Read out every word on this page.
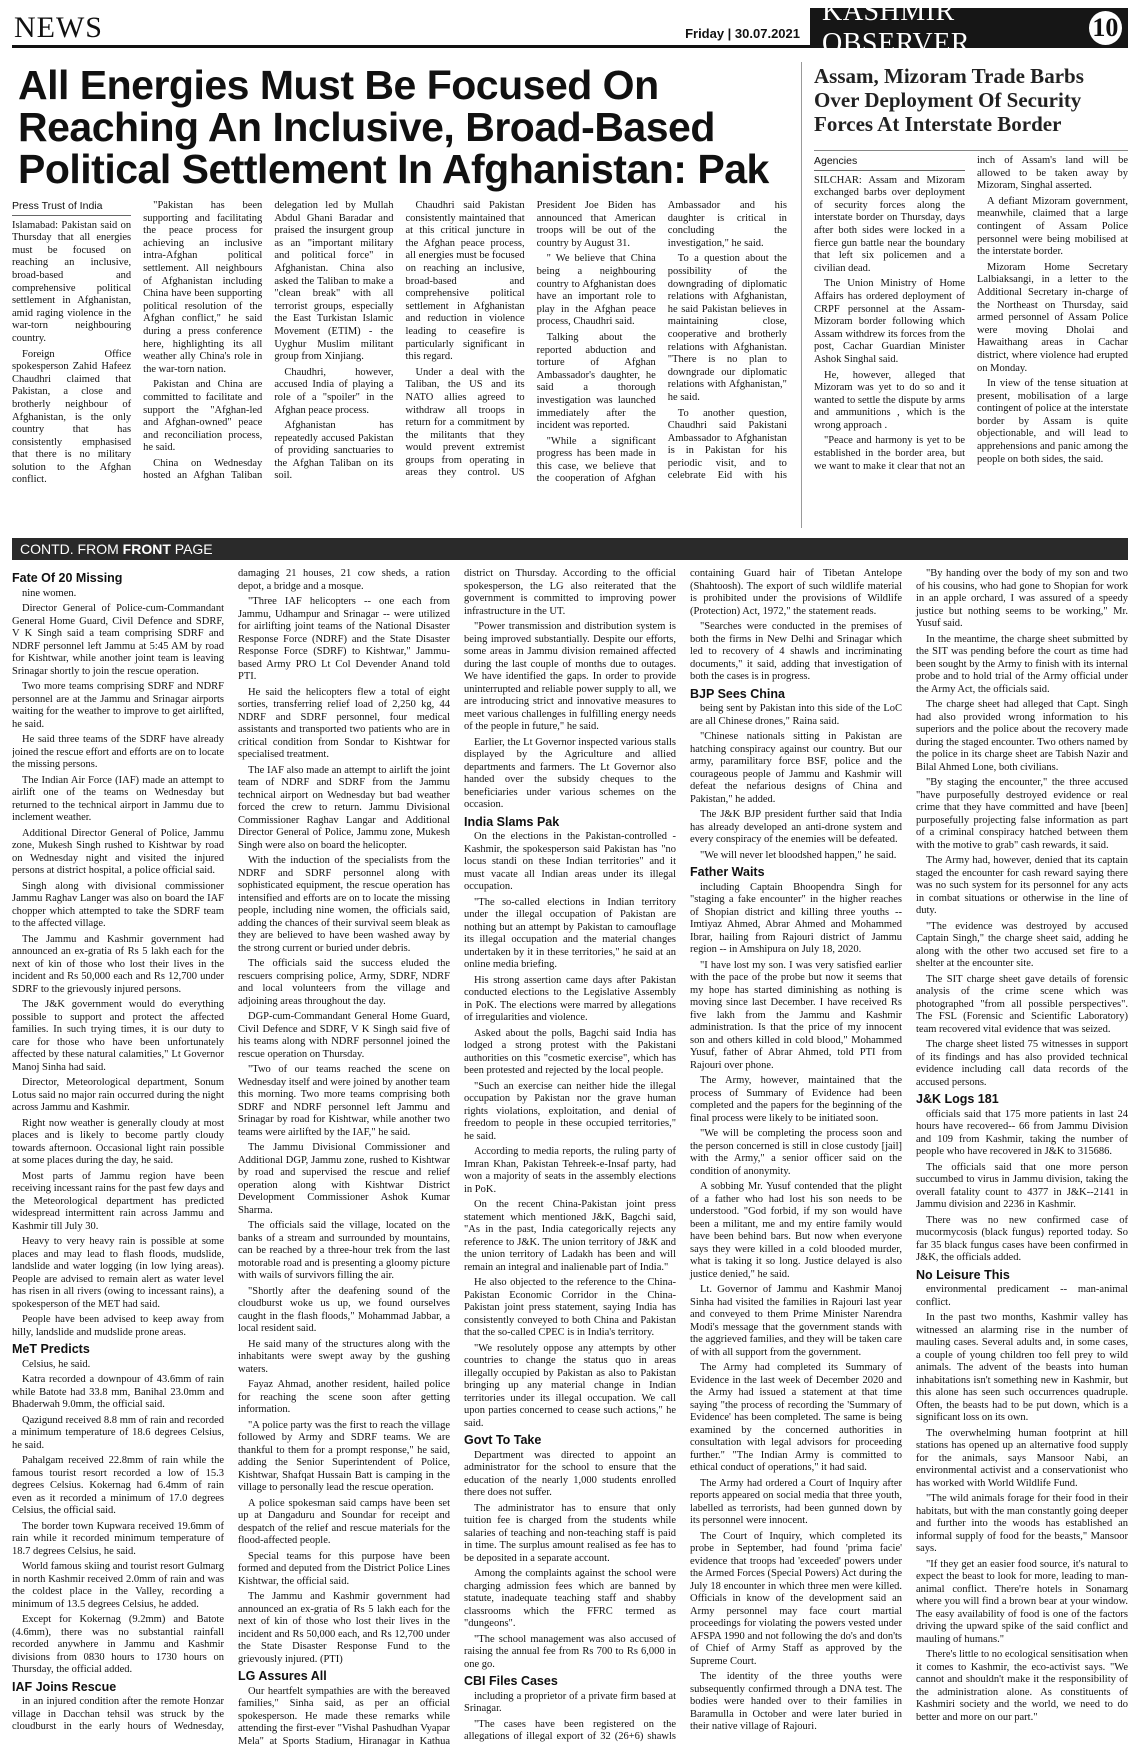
NEWS	Friday | 30.07.2021
KASHMIR OBSERVER
10
All Energies Must Be Focused On Reaching An Inclusive, Broad-Based Political Settlement In Afghanistan: Pak
Press Trust of India

Islamabad: Pakistan said on Thursday that all energies must be focused on reaching an inclusive, broad-based and comprehensive political settlement in Afghanistan, amid raging violence in the war-torn neighbouring country.

Foreign Office spokesperson Zahid Hafeez Chaudhri claimed that Pakistan, a close and brotherly neighbour of Afghanistan, is the only country that has consistently emphasised that there is no military solution to the Afghan conflict.

"Pakistan has been supporting and facilitating the peace process for achieving an inclusive intra-Afghan political settlement. All neighbours of Afghanistan including China have been supporting political resolution of the Afghan conflict," he said during a press conference here, highlighting its all weather ally China's role in the war-torn nation.

Pakistan and China are committed to facilitate and support the "Afghan-led and Afghan-owned" peace and reconciliation process, he said.

China on Wednesday hosted an Afghan Taliban delegation led by Mullah Abdul Ghani Baradar and praised the insurgent group as an "important military and political force" in Afghanistan. China also asked the Taliban to make a "clean break" with all terrorist groups, especially the East Turkistan Islamic Movement (ETIM) - the Uyghur Muslim militant group from Xinjiang.

Chaudhri, however, accused India of playing a role of a "spoiler" in the Afghan peace process.

Afghanistan has repeatedly accused Pakistan of providing sanctuaries to the Afghan Taliban on its soil.

Chaudhri said Pakistan consistently maintained that at this critical juncture in the Afghan peace process, all energies must be focused on reaching an inclusive, broad-based and comprehensive political settlement in Afghanistan and reduction in violence leading to ceasefire is particularly significant in this regard.

Under a deal with the Taliban, the US and its NATO allies agreed to withdraw all troops in return for a commitment by the militants that they would prevent extremist groups from operating in areas they control. US President Joe Biden has announced that American troops will be out of the country by August 31.

" We believe that China being a neighbouring country to Afghanistan does have an important role to play in the Afghan peace process, Chaudhri said.

Talking about the reported abduction and torture of Afghan Ambassador's daughter, he said a thorough investigation was launched immediately after the incident was reported.

"While a significant progress has been made in this case, we believe that the cooperation of Afghan Ambassador and his daughter is critical in concluding the investigation," he said.

To a question about the possibility of the downgrading of diplomatic relations with Afghanistan, he said Pakistan believes in maintaining close, cooperative and brotherly relations with Afghanistan. "There is no plan to downgrade our diplomatic relations with Afghanistan," he said.

To another question, Chaudhri said Pakistani Ambassador to Afghanistan is in Pakistan for his periodic visit, and to celebrate Eid with his

Assam, Mizoram Trade Barbs Over Deployment Of Security Forces At Interstate Border
Agencies

SILCHAR: Assam and Mizoram exchanged barbs over deployment of security forces along the interstate border on Thursday, days after both sides were locked in a fierce gun battle near the boundary that left six policemen and a civilian dead.

The Union Ministry of Home Affairs has ordered deployment of CRPF personnel at the Assam-Mizoram border following which Assam withdrew its forces from the post, Cachar Guardian Minister Ashok Singhal said.

He, however, alleged that Mizoram was yet to do so and it wanted to settle the dispute by arms and ammunitions , which is the wrong approach .

"Peace and harmony is yet to be established in the border area, but we want to make it clear that not an inch of Assam's land will be allowed to be taken away by Mizoram, Singhal asserted.

A defiant Mizoram government, meanwhile, claimed that a large contingent of Assam Police personnel were being mobilised at the interstate border.

Mizoram Home Secretary Lalbiaksangi, in a letter to the Additional Secretary in-charge of the Northeast on Thursday, said armed personnel of Assam Police were moving Dholai and Hawaithang areas in Cachar district, where violence had erupted on Monday.

In view of the tense situation at present, mobilisation of a large contingent of police at the interstate border by Assam is quite objectionable, and will lead to apprehensions and panic among the people on both sides, the said.

CONTD. FROM FRONT PAGE
Fate Of 20 Missing

nine women.

Director General of Police-cum-Commandant General Home Guard, Civil Defence and SDRF, V K Singh said a team comprising SDRF and NDRF personnel left Jammu at 5:45 AM by road for Kishtwar, while another joint team is leaving Srinagar shortly to join the rescue operation.

Two more teams comprising SDRF and NDRF personnel are at the Jammu and Srinagar airports waiting for the weather to improve to get airlifted, he said.

He said three teams of the SDRF have already joined the rescue effort and efforts are on to locate the missing persons.

The Indian Air Force (IAF) made an attempt to airlift one of the teams on Wednesday but returned to the technical airport in Jammu due to inclement weather.

Additional Director General of Police, Jammu zone, Mukesh Singh rushed to Kishtwar by road on Wednesday night and visited the injured persons at district hospital, a police official said.

Singh along with divisional commissioner Jammu Raghav Langer was also on board the IAF chopper which attempted to take the SDRF team to the affected village.

The Jammu and Kashmir government had announced an ex-gratia of Rs 5 lakh each for the next of kin of those who lost their lives in the incident and Rs 50,000 each and Rs 12,700 under SDRF to the grievously injured persons.

The J&K government would do everything possible to support and protect the affected families. In such trying times, it is our duty to care for those who have been unfortunately affected by these natural calamities," Lt Governor Manoj Sinha had said.

Director, Meteorological department, Sonum Lotus said no major rain occurred during the night across Jammu and Kashmir.

Right now weather is generally cloudy at most places and is likely to become partly cloudy towards afternoon. Occasional light rain possible at some places during the day, he said.

Most parts of Jammu region have been receiving incessant rains for the past few days and the Meteorological department has predicted widespread intermittent rain across Jammu and Kashmir till July 30.

Heavy to very heavy rain is possible at some places and may lead to flash floods, mudslide, landslide and water logging (in low lying areas). People are advised to remain alert as water level has risen in all rivers (owing to incessant rains), a spokesperson of the MET had said.

People have been advised to keep away from hilly, landslide and mudslide prone areas.

MeT Predicts

Celsius, he said.

Katra recorded a downpour of 43.6mm of rain while Batote had 33.8 mm, Banihal 23.0mm and Bhaderwah 9.0mm, the official said.

Qazigund received 8.8 mm of rain and recorded a minimum temperature of 18.6 degrees Celsius, he said.

Pahalgam received 22.8mm of rain while the famous tourist resort recorded a low of 15.3 degrees Celsius. Kokernag had 6.4mm of rain even as it recorded a minimum of 17.0 degrees Celsius, the official said.

The border town Kupwara received 19.6mm of rain while it recorded minimum temperature of 18.7 degrees Celsius, he said.

World famous skiing and tourist resort Gulmarg in north Kashmir received 2.0mm of rain and was the coldest place in the Valley, recording a minimum of 13.5 degrees Celsius, he added.

Except for Kokernag (9.2mm) and Batote (4.6mm), there was no substantial rainfall recorded anywhere in Jammu and Kashmir divisions from 0830 hours to 1730 hours on Thursday, the official added.

IAF Joins Rescue

in an injured condition after the remote Honzar village in Dacchan tehsil was struck by the cloudburst in the early hours of Wednesday, damaging 21 houses, 21 cow sheds, a ration depot, a bridge and a mosque.

"Three IAF helicopters -- one each from Jammu, Udhampur and Srinagar -- were utilized for airlifting joint teams of the National Disaster Response Force (NDRF) and the State Disaster Response Force (SDRF) to Kishtwar," Jammu-based Army PRO Lt Col Devender Anand told PTI.

He said the helicopters flew a total of eight sorties, transferring relief load of 2,250 kg, 44 NDRF and SDRF personnel, four medical assistants and transported two patients who are in critical condition from Sondar to Kishtwar for specialised treatment.

The IAF also made an attempt to airlift the joint team of NDRF and SDRF from the Jammu technical airport on Wednesday but bad weather forced the crew to return. Jammu Divisional Commissioner Raghav Langar and Additional Director General of Police, Jammu zone, Mukesh Singh were also on board the helicopter.

With the induction of the specialists from the NDRF and SDRF personnel along with sophisticated equipment, the rescue operation has intensified and efforts are on to locate the missing people, including nine women, the officials said, adding the chances of their survival seem bleak as they are believed to have been washed away by the strong current or buried under debris.

The officials said the success eluded the rescuers comprising police, Army, SDRF, NDRF and local volunteers from the village and adjoining areas throughout the day.

DGP-cum-Commandant General Home Guard, Civil Defence and SDRF, V K Singh said five of his teams along with NDRF personnel joined the rescue operation on Thursday.

"Two of our teams reached the scene on Wednesday itself and were joined by another team this morning. Two more teams comprising both SDRF and NDRF personnel left Jammu and Srinagar by road for Kishtwar, while another two teams were airlifted by the IAF," he said.

The Jammu Divisional Commissioner and Additional DGP, Jammu zone, rushed to Kishtwar by road and supervised the rescue and relief operation along with Kishtwar District Development Commissioner Ashok Kumar Sharma.

The officials said the village, located on the banks of a stream and surrounded by mountains, can be reached by a three-hour trek from the last motorable road and is presenting a gloomy picture with wails of survivors filling the air.

"Shortly after the deafening sound of the cloudburst woke us up, we found ourselves caught in the flash floods," Mohammad Jabbar, a local resident said.

He said many of the structures along with the inhabitants were swept away by the gushing waters.

Fayaz Ahmad, another resident, hailed police for reaching the scene soon after getting information.

"A police party was the first to reach the village followed by Army and SDRF teams. We are thankful to them for a prompt response," he said, adding the Senior Superintendent of Police, Kishtwar, Shafqat Hussain Batt is camping in the village to personally lead the rescue operation.

A police spokesman said camps have been set up at Dangaduru and Soundar for receipt and despatch of the relief and rescue materials for the flood-affected people.

Special teams for this purpose have been formed and deputed from the District Police Lines Kishtwar, the official said.

The Jammu and Kashmir government had announced an ex-gratia of Rs 5 lakh each for the next of kin of those who lost their lives in the incident and Rs 50,000 each, and Rs 12,700 under the State Disaster Response Fund to the grievously injured. (PTI)

LG Assures All

Our heartfelt sympathies are with the bereaved families," Sinha said, as per an official spokesperson. He made these remarks while attending the first-ever "Vishal Pashudhan Vyapar Mela" at Sports Stadium, Hiranagar in Kathua district on Thursday. According to the official spokesperson, the LG also reiterated that the government is committed to improving power infrastructure in the UT.

"Power transmission and distribution system is being improved substantially. Despite our efforts, some areas in Jammu division remained affected during the last couple of months due to outages. We have identified the gaps. In order to provide uninterrupted and reliable power supply to all, we are introducing strict and innovative measures to meet various challenges in fulfilling energy needs of the people in future," he said.

Earlier, the Lt Governor inspected various stalls displayed by the Agriculture and allied departments and farmers. The Lt Governor also handed over the subsidy cheques to the beneficiaries under various schemes on the occasion.

India Slams Pak

On the elections in the Pakistan-controlled -Kashmir, the spokesperson said Pakistan has "no locus standi on these Indian territories" and it must vacate all Indian areas under its illegal occupation.

"The so-called elections in Indian territory under the illegal occupation of Pakistan are nothing but an attempt by Pakistan to camouflage its illegal occupation and the material changes undertaken by it in these territories," he said at an online media briefing.

His strong assertion came days after Pakistan conducted elections to the Legislative Assembly in PoK. The elections were marred by allegations of irregularities and violence.

Asked about the polls, Bagchi said India has lodged a strong protest with the Pakistani authorities on this "cosmetic exercise", which has been protested and rejected by the local people.

"Such an exercise can neither hide the illegal occupation by Pakistan nor the grave human rights violations, exploitation, and denial of freedom to people in these occupied territories," he said.

According to media reports, the ruling party of Imran Khan, Pakistan Tehreek-e-Insaf party, had won a majority of seats in the assembly elections in PoK.

On the recent China-Pakistan joint press statement which mentioned J&K, Bagchi said, "As in the past, India categorically rejects any reference to J&K. The union territory of J&K and the union territory of Ladakh has been and will remain an integral and inalienable part of India."

He also objected to the reference to the China-Pakistan Economic Corridor in the China-Pakistan joint press statement, saying India has consistently conveyed to both China and Pakistan that the so-called CPEC is in India's territory.

"We resolutely oppose any attempts by other countries to change the status quo in areas illegally occupied by Pakistan as also to Pakistan bringing up any material change in Indian territories under its illegal occupation. We call upon parties concerned to cease such actions," he said.

Govt To Take

Department was directed to appoint an administrator for the school to ensure that the education of the nearly 1,000 students enrolled there does not suffer.

The administrator has to ensure that only tuition fee is charged from the students while salaries of teaching and non-teaching staff is paid in time. The surplus amount realised as fee has to be deposited in a separate account.

Among the complaints against the school were charging admission fees which are banned by statute, inadequate teaching staff and shabby classrooms which the FFRC termed as "dungeons".

"The school management was also accused of raising the annual fee from Rs 700 to Rs 6,000 in one go.

CBI Files Cases

including a proprietor of a private firm based at Srinagar.

"The cases have been registered on the allegations of illegal export of 32 (26+6) shawls containing Guard hair of Tibetan Antelope (Shahtoosh). The export of such wildlife material is prohibited under the provisions of Wildlife (Protection) Act, 1972," the statement reads.

"Searches were conducted in the premises of both the firms in New Delhi and Srinagar which led to recovery of 4 shawls and incriminating documents," it said, adding that investigation of both the cases is in progress.

BJP Sees China

being sent by Pakistan into this side of the LoC are all Chinese drones," Raina said.

"Chinese nationals sitting in Pakistan are hatching conspiracy against our country. But our army, paramilitary force BSF, police and the courageous people of Jammu and Kashmir will defeat the nefarious designs of China and Pakistan," he added.

The J&K BJP president further said that India has already developed an anti-drone system and every conspiracy of the enemies will be defeated.

"We will never let bloodshed happen," he said.

Father Waits

including Captain Bhoopendra Singh for "staging a fake encounter" in the higher reaches of Shopian district and killing three youths -- Imtiyaz Ahmed, Abrar Ahmed and Mohammed Ibrar, hailing from Rajouri district of Jammu region -- in Amshipura on July 18, 2020.

"I have lost my son. I was very satisfied earlier with the pace of the probe but now it seems that my hope has started diminishing as nothing is moving since last December. I have received Rs five lakh from the Jammu and Kashmir administration. Is that the price of my innocent son and others killed in cold blood," Mohammed Yusuf, father of Abrar Ahmed, told PTI from Rajouri over phone.

The Army, however, maintained that the process of Summary of Evidence had been completed and the papers for the beginning of the final process were likely to be initiated soon.

"We will be completing the process soon and the person concerned is still in close custody [jail] with the Army," a senior officer said on the condition of anonymity.

A sobbing Mr. Yusuf contended that the plight of a father who had lost his son needs to be understood. "God forbid, if my son would have been a militant, me and my entire family would have been behind bars. But now when everyone says they were killed in a cold blooded murder, what is taking it so long. Justice delayed is also justice denied," he said.

Lt. Governor of Jammu and Kashmir Manoj Sinha had visited the families in Rajouri last year and conveyed to them Prime Minister Narendra Modi's message that the government stands with the aggrieved families, and they will be taken care of with all support from the government.

The Army had completed its Summary of Evidence in the last week of December 2020 and the Army had issued a statement at that time saying "the process of recording the 'Summary of Evidence' has been completed. The same is being examined by the concerned authorities in consultation with legal advisors for proceeding further." "The Indian Army is committed to ethical conduct of operations," it had said.

The Army had ordered a Court of Inquiry after reports appeared on social media that three youth, labelled as terrorists, had been gunned down by its personnel were innocent.

The Court of Inquiry, which completed its probe in September, had found 'prima facie' evidence that troops had 'exceeded' powers under the Armed Forces (Special Powers) Act during the July 18 encounter in which three men were killed. Officials in know of the development said an Army personnel may face court martial proceedings for violating the powers vested under AFSPA 1990 and not following the do's and don'ts of Chief of Army Staff as approved by the Supreme Court.

The identity of the three youths were subsequently confirmed through a DNA test. The bodies were handed over to their families in Baramulla in October and were later buried in their native village of Rajouri.

"By handing over the body of my son and two of his cousins, who had gone to Shopian for work in an apple orchard, I was assured of a speedy justice but nothing seems to be working," Mr. Yusuf said.

In the meantime, the charge sheet submitted by the SIT was pending before the court as time had been sought by the Army to finish with its internal probe and to hold trial of the Army official under the Army Act, the officials said.

The charge sheet had alleged that Capt. Singh had also provided wrong information to his superiors and the police about the recovery made during the staged encounter. Two others named by the police in its charge sheet are Tabish Nazir and Bilal Ahmed Lone, both civilians.

"By staging the encounter," the three accused "have purposefully destroyed evidence or real crime that they have committed and have [been] purposefully projecting false information as part of a criminal conspiracy hatched between them with the motive to grab" cash rewards, it said.

The Army had, however, denied that its captain staged the encounter for cash reward saying there was no such system for its personnel for any acts in combat situations or otherwise in the line of duty.

"The evidence was destroyed by accused Captain Singh," the charge sheet said, adding he along with the other two accused set fire to a shelter at the encounter site.

The SIT charge sheet gave details of forensic analysis of the crime scene which was photographed "from all possible perspectives". The FSL (Forensic and Scientific Laboratory) team recovered vital evidence that was seized.

The charge sheet listed 75 witnesses in support of its findings and has also provided technical evidence including call data records of the accused persons.

J&K Logs 181

officials said that 175 more patients in last 24 hours have recovered-- 66 from Jammu Division and 109 from Kashmir, taking the number of people who have recovered in J&K to 315686.

The officials said that one more person succumbed to virus in Jammu division, taking the overall fatality count to 4377 in J&K--2141 in Jammu division and 2236 in Kashmir.

There was no new confirmed case of mucormycosis (black fungus) reported today. So far 35 black fungus cases have been confirmed in J&K, the officials added.

No Leisure This

environmental predicament -- man-animal conflict.

In the past two months, Kashmir valley has witnessed an alarming rise in the number of mauling cases. Several adults and, in some cases, a couple of young children too fell prey to wild animals. The advent of the beasts into human inhabitations isn't something new in Kashmir, but this alone has seen such occurrences quadruple. Often, the beasts had to be put down, which is a significant loss on its own.

The overwhelming human footprint at hill stations has opened up an alternative food supply for the animals, says Mansoor Nabi, an environmental activist and a conservationist who has worked with World Wildlife Fund.

"The wild animals forage for their food in their habitats, but with the man constantly going deeper and further into the woods has established an informal supply of food for the beasts," Mansoor says.

"If they get an easier food source, it's natural to expect the beast to look for more, leading to man-animal conflict. There're hotels in Sonamarg where you will find a brown bear at your window. The easy availability of food is one of the factors driving the upward spike of the said conflict and mauling of humans."

There's little to no ecological sensitisation when it comes to Kashmir, the eco-activist says. "We cannot and shouldn't make it the responsibility of the administration alone. As constituents of Kashmiri society and the world, we need to do better and more on our part."
